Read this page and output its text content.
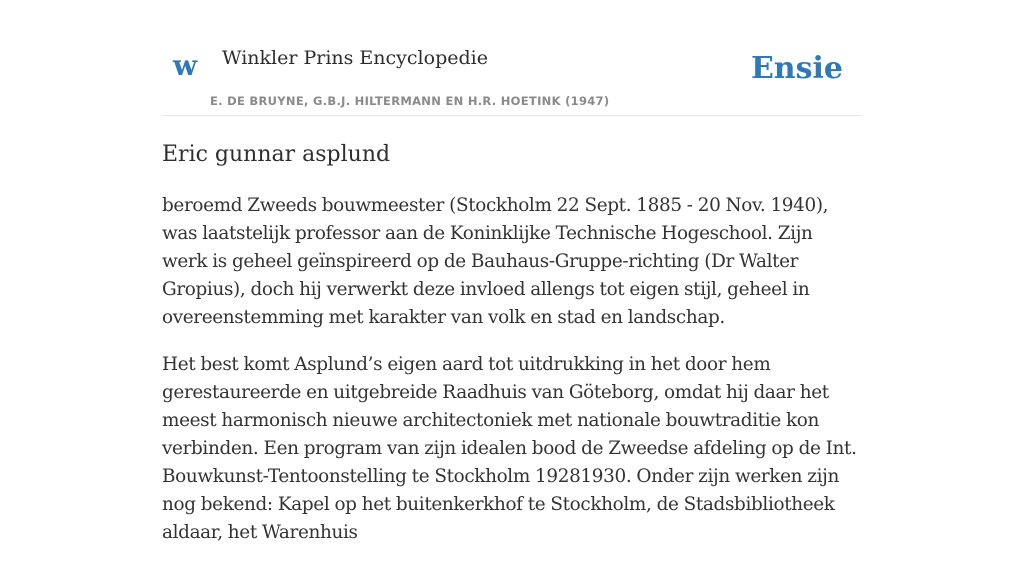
w Winkler Prins Encyclopedie
E. DE BRUYNE, G.B.J. HILTERMANN EN H.R. HOETINK (1947)
Ensie
Eric gunnar asplund

beroemd Zweeds bouwmeester (Stockholm 22 Sept. 1885 - 20 Nov. 1940), was laatstelijk professor aan de Koninklijke Technische Hogeschool. Zijn werk is geheel geïnspireerd op de Bauhaus-Gruppe-richting (Dr Walter Gropius), doch hij verwerkt deze invloed allengs tot eigen stijl, geheel in overeenstemming met karakter van volk en stad en landschap.

Het best komt Asplund’s eigen aard tot uitdrukking in het door hem gerestaureerde en uitgebreide Raadhuis van Göteborg, omdat hij daar het meest harmonisch nieuwe architectoniek met nationale bouwtraditie kon verbinden. Een program van zijn idealen bood de Zweedse afdeling op de Int. Bouwkunst-Tentoonstelling te Stockholm 19281930. Onder zijn werken zijn nog bekend: Kapel op het buitenkerkhof te Stockholm, de Stadsbibliotheek aldaar, het Warenhuis
